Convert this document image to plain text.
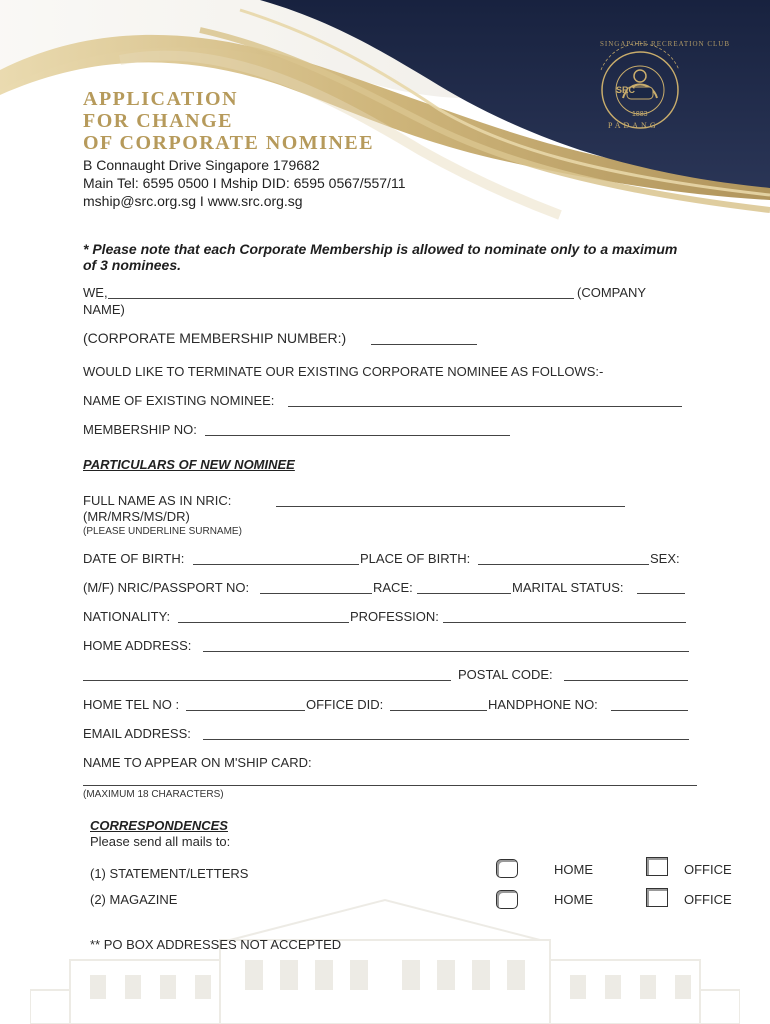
SRC
1883
PADANG
SINGAPORE RECREATION CLUB
APPLICATION
FOR CHANGE
OF CORPORATE NOMINEE
B Connaught Drive Singapore 179682
Main Tel: 6595 0500 I Mship DID: 6595 0567/557/11
mship@src.org.sg I www.src.org.sg
* Please note that each Corporate Membership is allowed to nominate only to a maximum of 3 nominees.
WE,	(COMPANY
NAME)
(CORPORATE MEMBERSHIP NUMBER:)
WOULD LIKE TO TERMINATE OUR EXISTING CORPORATE NOMINEE AS FOLLOWS:-
NAME OF EXISTING NOMINEE:
MEMBERSHIP NO:
PARTICULARS OF NEW NOMINEE
FULL NAME AS IN NRIC:
(MR/MRS/MS/DR)
(PLEASE UNDERLINE SURNAME)
DATE OF BIRTH:	PLACE OF BIRTH:	SEX:
(M/F) NRIC/PASSPORT NO:	RACE:	MARITAL STATUS:
NATIONALITY:	PROFESSION:
HOME ADDRESS:
POSTAL CODE:
HOME TEL NO :	OFFICE DID:	HANDPHONE NO:
EMAIL ADDRESS:
NAME TO APPEAR ON M'SHIP CARD:
(MAXIMUM 18 CHARACTERS)
CORRESPONDENCES
Please send all mails to:
(1) STATEMENT/LETTERS	HOME	OFFICE
(2) MAGAZINE	HOME	OFFICE
** PO BOX ADDRESSES NOT ACCEPTED
